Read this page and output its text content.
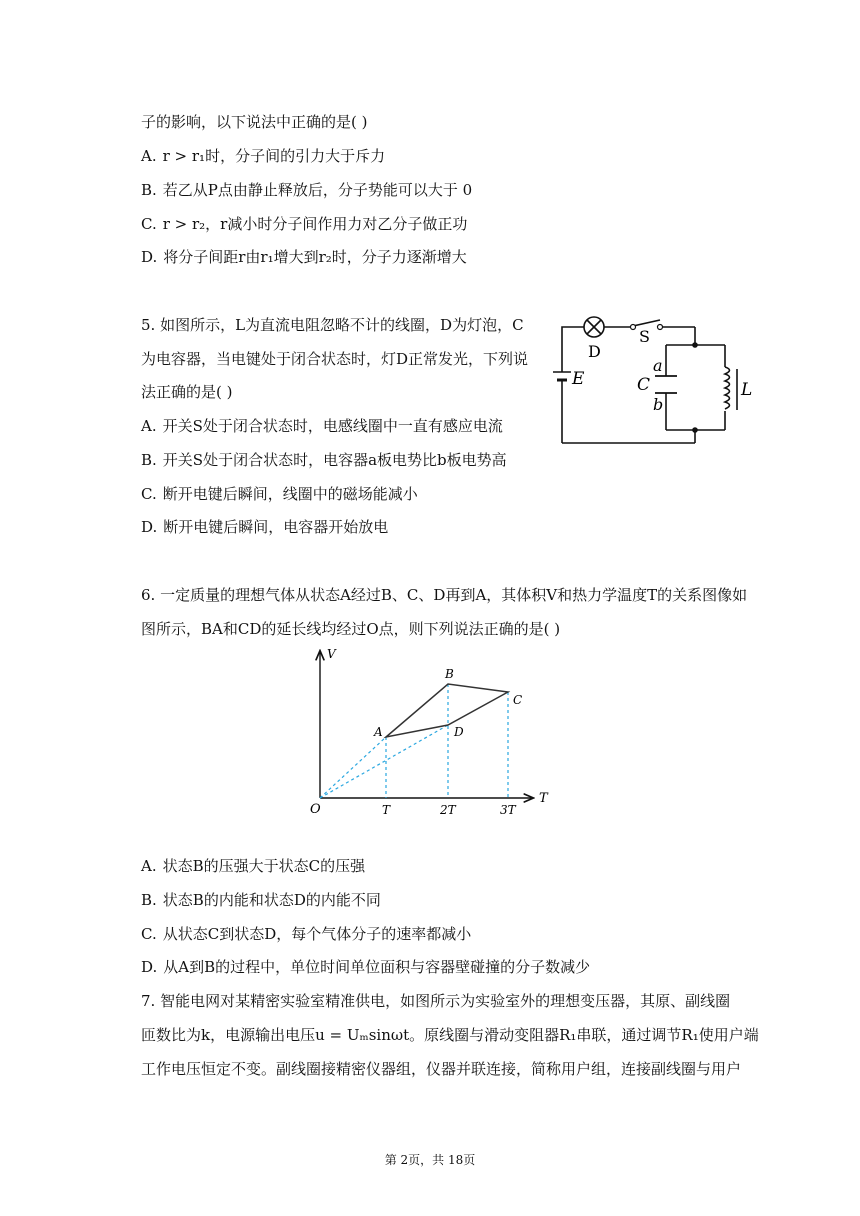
子的影响，以下说法中正确的是( )
A. r > r₁时，分子间的引力大于斥力
B. 若乙从P点由静止释放后，分子势能可以大于 0
C. r > r₂，r减小时分子间作用力对乙分子做正功
D. 将分子间距r由r₁增大到r₂时，分子力逐渐增大
5. 如图所示，L为直流电阻忽略不计的线圈，D为灯泡，C
为电容器，当电键处于闭合状态时，灯D正常发光，下列说
法正确的是( )
A. 开关S处于闭合状态时，电感线圈中一直有感应电流
B. 开关S处于闭合状态时，电容器a板电势比b板电势高
C. 断开电键后瞬间，线圈中的磁场能减小
D. 断开电键后瞬间，电容器开始放电
D
S
E	C
a
b
L
6. 一定质量的理想气体从状态A经过B、C、D再到A，其体积V和热力学温度T的关系图像如
图所示，BA和CD的延长线均经过O点，则下列说法正确的是( )
V
T
O	T	2T	3T
A
B
C
D
A. 状态B的压强大于状态C的压强
B. 状态B的内能和状态D的内能不同
C. 从状态C到状态D，每个气体分子的速率都减小
D. 从A到B的过程中，单位时间单位面积与容器壁碰撞的分子数减少
7. 智能电网对某精密实验室精准供电，如图所示为实验室外的理想变压器，其原、副线圈
匝数比为k，电源输出电压u = Uₘsinωt。原线圈与滑动变阻器R₁串联，通过调节R₁使用户端
工作电压恒定不变。副线圈接精密仪器组，仪器并联连接，简称用户组，连接副线圈与用户
第 2页，共 18页
